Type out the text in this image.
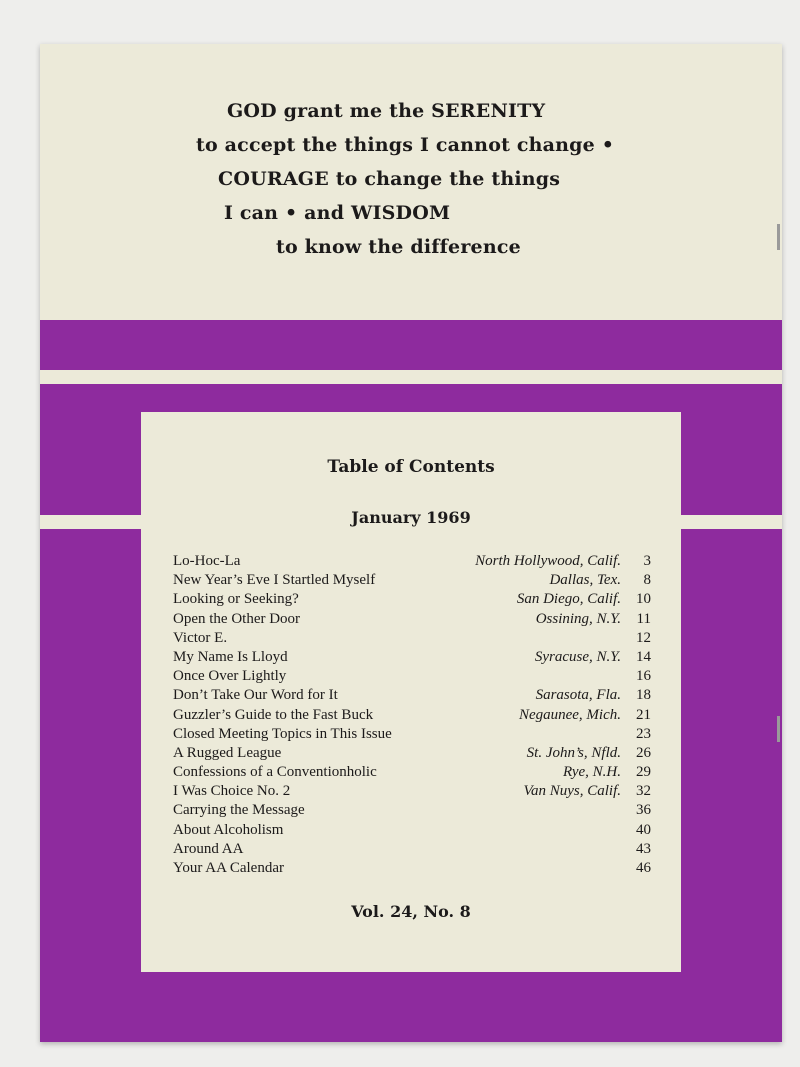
GOD grant me the SERENITY
to accept the things I cannot change •
COURAGE to change the things
I can • and WISDOM
to know the difference
Table of Contents
January 1969
Lo-Hoc-La	North Hollywood, Calif.	3
New Year’s Eve I Startled Myself	Dallas, Tex.	8
Looking or Seeking?	San Diego, Calif.	10
Open the Other Door	Ossining, N.Y.	11
Victor E.	12
My Name Is Lloyd	Syracuse, N.Y.	14
Once Over Lightly	16
Don’t Take Our Word for It	Sarasota, Fla.	18
Guzzler’s Guide to the Fast Buck	Negaunee, Mich.	21
Closed Meeting Topics in This Issue	23
A Rugged League	St. John’s, Nfld.	26
Confessions of a Conventionholic	Rye, N.H.	29
I Was Choice No. 2	Van Nuys, Calif.	32
Carrying the Message	36
About Alcoholism	40
Around AA	43
Your AA Calendar	46
Vol. 24, No. 8
